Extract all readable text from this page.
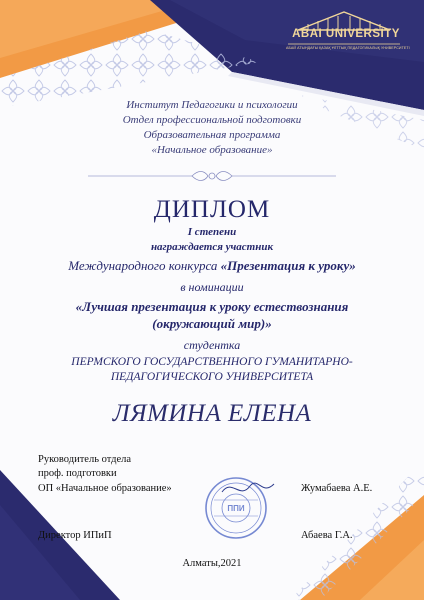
ППИ
ABAI UNIVERSITY
АБАЙ АТЫНДАҒЫ ҚАЗАҚ ҰЛТТЫҚ ПЕДАГОГИКАЛЫҚ УНИВЕРСИТЕТІ

Институт Педагогики и психологии

Отдел профессиональной подготовки

Образовательная программа

«Начальное образование»

ДИПЛОМ

I степени

награждается участник

Международного конкурса «Презентация к уроку»

в номинации

«Лучшая презентация к уроку естествознания
(окружающий мир)»

студентка

ПЕРМСКОГО ГОСУДАРСТВЕННОГО ГУМАНИТАРНО-
ПЕДАГОГИЧЕСКОГО УНИВЕРСИТЕТА

ЛЯМИНА ЕЛЕНА

Руководитель отдела
проф. подготовки
ОП «Начальное образование»	Жумабаева А.Е.
Директор ИПиП	Абаева Г.А.
Алматы,2021
